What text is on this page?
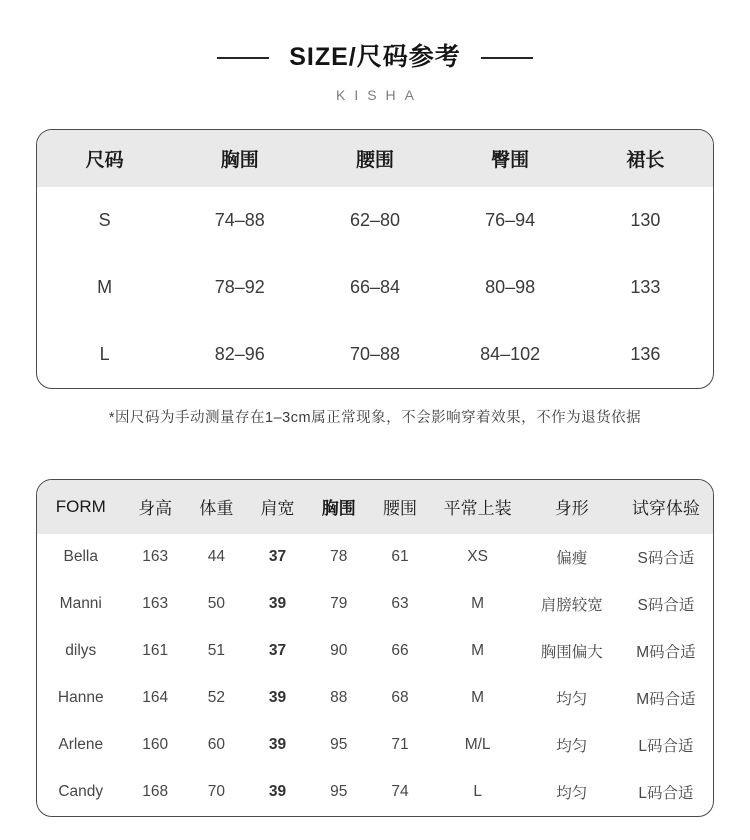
SIZE/尺码参考
KISHA
尺码	胸围	腰围	臀围	裙长
S	74–88	62–80	76–94	130
M	78–92	66–84	80–98	133
L	82–96	70–88	84–102	136
*因尺码为手动测量存在1–3cm属正常现象，不会影响穿着效果，不作为退货依据
FORM	身高	体重	肩宽	胸围	腰围	平常上装	身形	试穿体验
Bella	163	44	37	78	61	XS	偏瘦	S码合适
Manni	163	50	39	79	63	M	肩膀较宽	S码合适
dilys	161	51	37	90	66	M	胸围偏大	M码合适
Hanne	164	52	39	88	68	M	均匀	M码合适
Arlene	160	60	39	95	71	M/L	均匀	L码合适
Candy	168	70	39	95	74	L	均匀	L码合适
